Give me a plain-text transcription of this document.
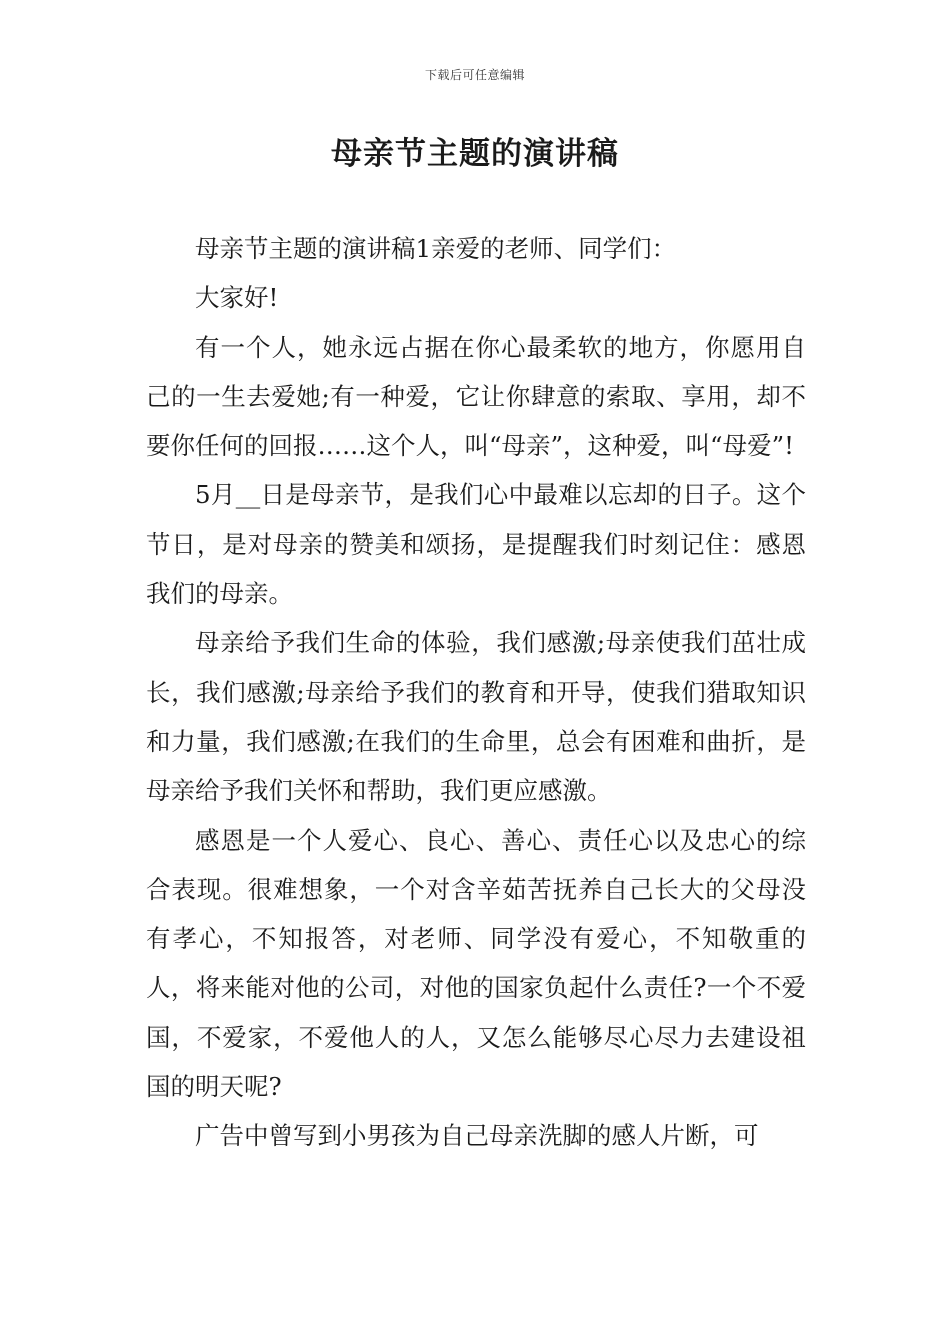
下载后可任意编辑
母亲节主题的演讲稿

母亲节主题的演讲稿1亲爱的老师、同学们：

大家好!

有一个人，她永远占据在你心最柔软的地方，你愿用自己的一生去爱她;有一种爱，它让你肆意的索取、享用，却不要你任何的回报……这个人，叫“母亲”，这种爱，叫“母爱”!

5月__日是母亲节，是我们心中最难以忘却的日子。这个节日，是对母亲的赞美和颂扬，是提醒我们时刻记住：感恩我们的母亲。

母亲给予我们生命的体验，我们感激;母亲使我们茁壮成长，我们感激;母亲给予我们的教育和开导，使我们猎取知识和力量，我们感激;在我们的生命里，总会有困难和曲折，是母亲给予我们关怀和帮助，我们更应感激。

感恩是一个人爱心、良心、善心、责任心以及忠心的综合表现。很难想象，一个对含辛茹苦抚养自己长大的父母没有孝心，不知报答，对老师、同学没有爱心，不知敬重的人，将来能对他的公司，对他的国家负起什么责任?一个不爱国，不爱家，不爱他人的人，又怎么能够尽心尽力去建设祖国的明天呢?

广告中曾写到小男孩为自己母亲洗脚的感人片断，可
